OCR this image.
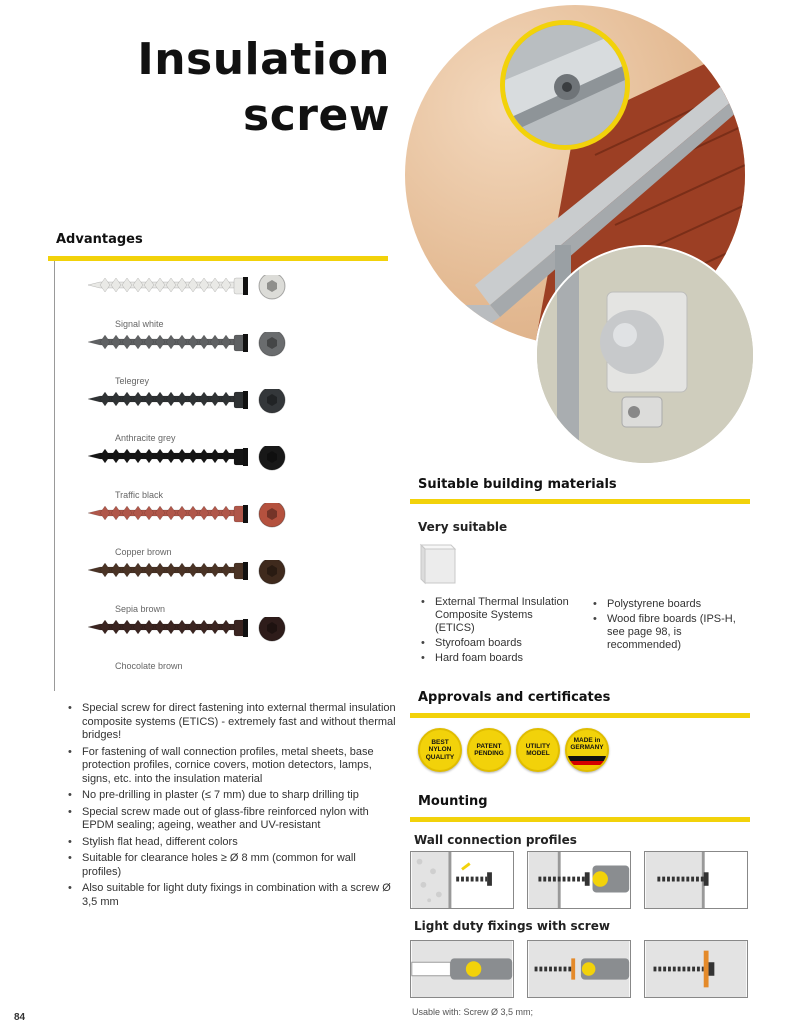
Insulation
screw
Advantages
Signal white
Telegrey
Anthracite grey
Traffic black
Copper brown
Sepia brown
Chocolate brown
• Special screw for direct fastening into external thermal insulation composite systems (ETICS) - extremely fast and without thermal bridges!
• For fastening of wall connection profiles, metal sheets, base protection profiles, cornice covers, motion detectors, lamps, signs, etc. into the insulation material
• No pre-drilling in plaster (≤ 7 mm) due to sharp drilling tip
• Special screw made out of glass-fibre reinforced nylon with EPDM sealing; ageing, weather and UV-resistant
• Stylish flat head, different colors
• Suitable for clearance holes ≥ Ø 8 mm (common for wall profiles)
• Also suitable for light duty fixings in combination with a screw Ø 3,5 mm
Suitable building materials
Very suitable
• External Thermal Insulation Composite Systems (ETICS)
• Styrofoam boards
• Hard foam boards
• Polystyrene boards
• Wood fibre boards (IPS-H, see page 98, is recommended)
Approvals and certificates
BEST NYLON QUALITY
PATENT PENDING
UTILITY MODEL
MADE in GERMANY
Mounting
Wall connection profiles
Light duty fixings with screw
Usable with: Screw Ø 3,5 mm;
84
